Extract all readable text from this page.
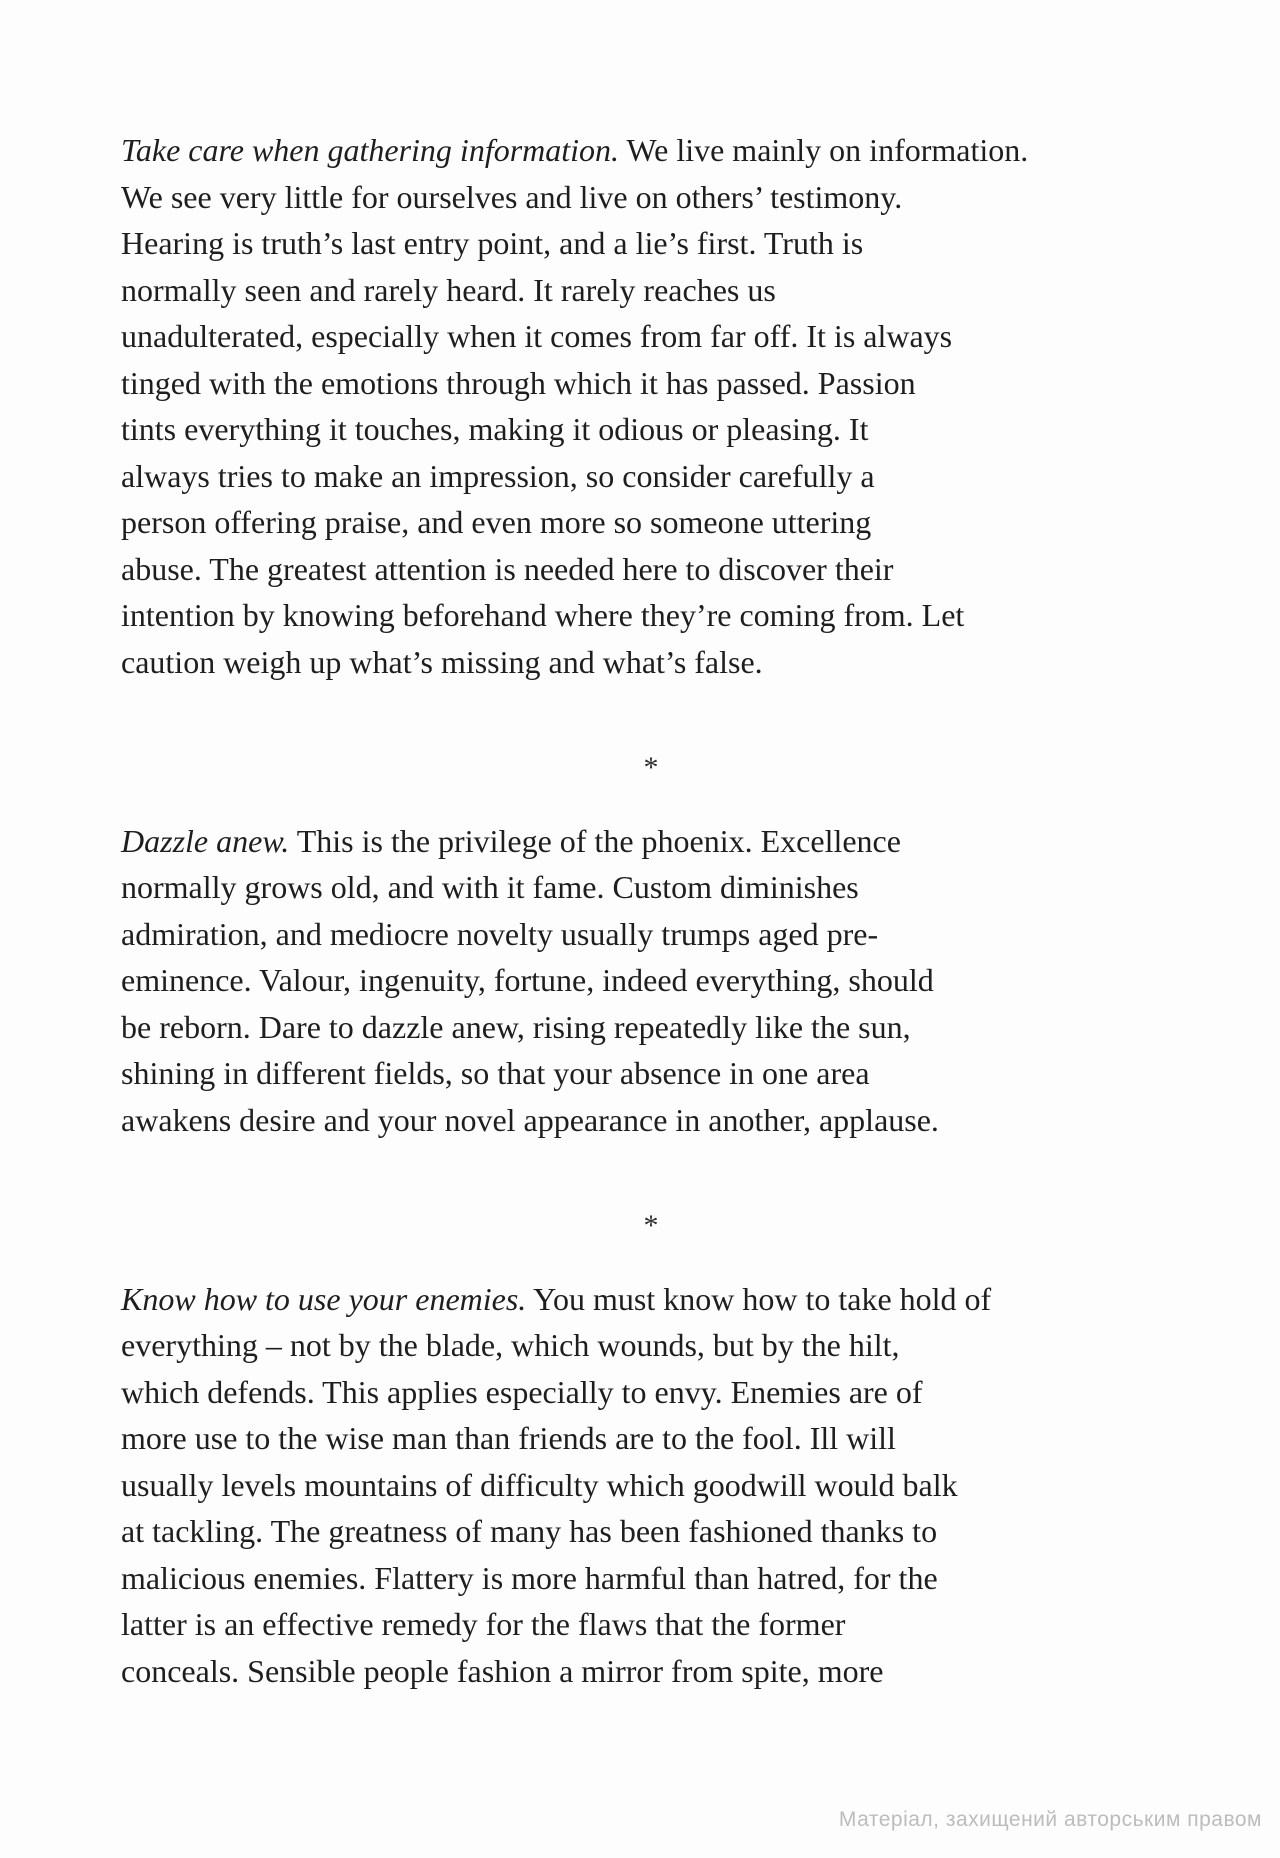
Take care when gathering information. We live mainly on information.
We see very little for ourselves and live on others’ testimony.
Hearing is truth’s last entry point, and a lie’s first. Truth is
normally seen and rarely heard. It rarely reaches us
unadulterated, especially when it comes from far off. It is always
tinged with the emotions through which it has passed. Passion
tints everything it touches, making it odious or pleasing. It
always tries to make an impression, so consider carefully a
person offering praise, and even more so someone uttering
abuse. The greatest attention is needed here to discover their
intention by knowing beforehand where they’re coming from. Let
caution weigh up what’s missing and what’s false.
*
Dazzle anew. This is the privilege of the phoenix. Excellence
normally grows old, and with it fame. Custom diminishes
admiration, and mediocre novelty usually trumps aged pre-
eminence. Valour, ingenuity, fortune, indeed everything, should
be reborn. Dare to dazzle anew, rising repeatedly like the sun,
shining in different fields, so that your absence in one area
awakens desire and your novel appearance in another, applause.
*
Know how to use your enemies. You must know how to take hold of
everything – not by the blade, which wounds, but by the hilt,
which defends. This applies especially to envy. Enemies are of
more use to the wise man than friends are to the fool. Ill will
usually levels mountains of difficulty which goodwill would balk
at tackling. The greatness of many has been fashioned thanks to
malicious enemies. Flattery is more harmful than hatred, for the
latter is an effective remedy for the flaws that the former
conceals. Sensible people fashion a mirror from spite, more
Матеріал, захищений авторським правом
